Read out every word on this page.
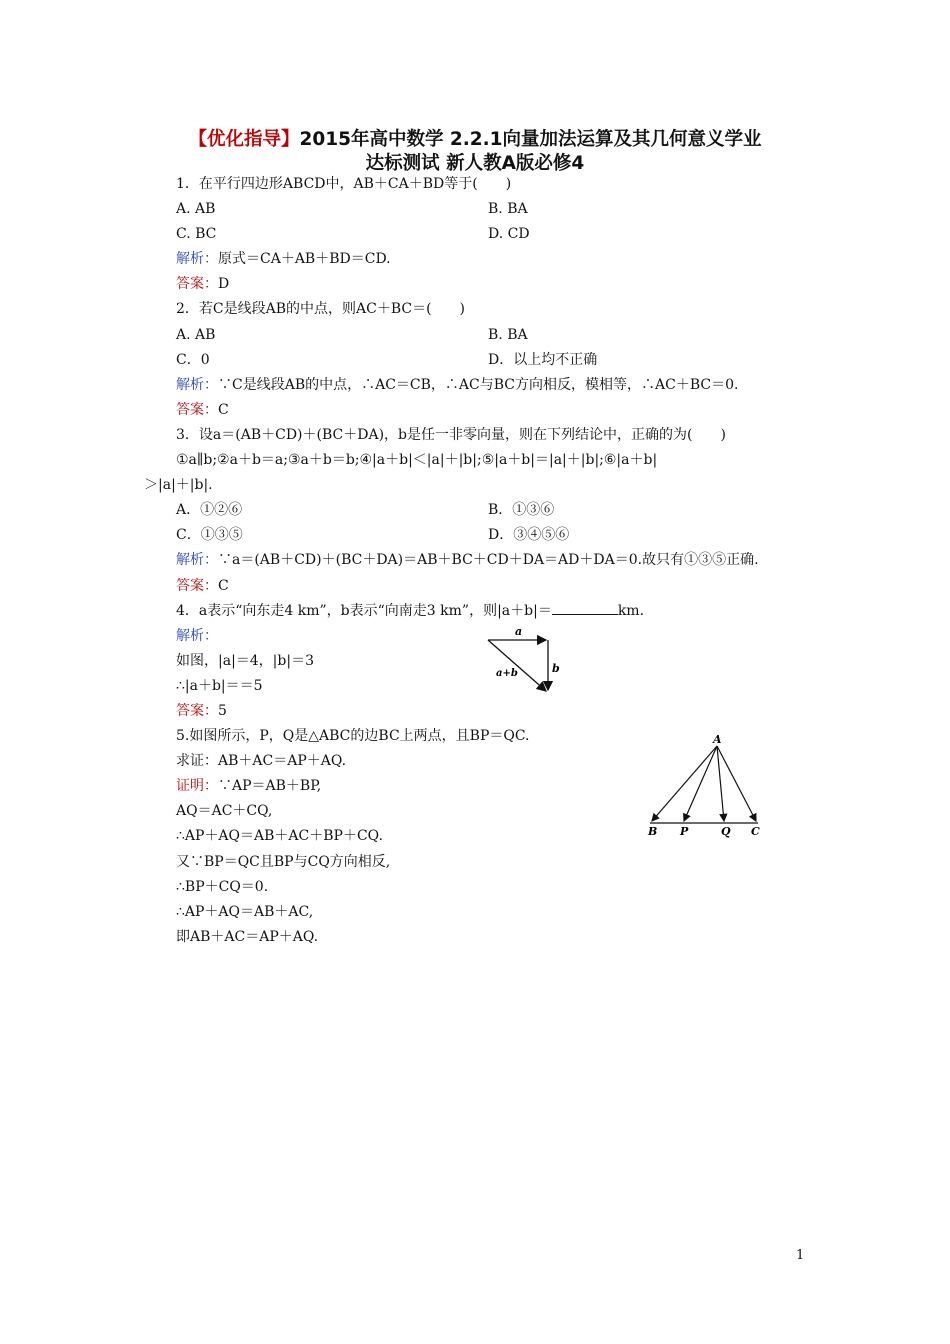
【优化指导】2015年高中数学 2.2.1向量加法运算及其几何意义学业
达标测试 新人教A版必修4
1．在平行四边形ABCD中，AB＋CA＋BD等于(　　)
A. AB	B. BA
C. BC	D. CD
解析：原式＝CA＋AB＋BD＝CD.
答案：D
2．若C是线段AB的中点，则AC＋BC＝(　　)
A. AB	B. BA
C．0	D．以上均不正确
解析：∵C是线段AB的中点，∴AC＝CB，∴AC与BC方向相反，模相等，∴AC＋BC＝0.
答案：C
3．设a＝(AB＋CD)＋(BC＋DA)，b是任一非零向量，则在下列结论中，正确的为(　　)
①a∥b;②a＋b＝a;③a＋b＝b;④|a＋b|＜|a|＋|b|;⑤|a＋b|＝|a|＋|b|;⑥|a＋b|
＞|a|＋|b|.
A．①②⑥	B．①③⑥
C．①③⑤	D．③④⑤⑥
解析：∵a＝(AB＋CD)＋(BC＋DA)＝AB＋BC＋CD＋DA＝AD＋DA＝0.故只有①③⑤正确.
答案：C
4．a表示“向东走4 km”，b表示“向南走3 km”，则|a＋b|＝	km.
解析：
如图，|a|＝4，|b|＝3
∴|a＋b|＝＝5
答案：5
5.如图所示，P，Q是△ABC的边BC上两点，且BP＝QC.
求证：AB＋AC＝AP＋AQ.
证明：∵AP＝AB＋BP,
AQ＝AC＋CQ,
∴AP＋AQ＝AB＋AC＋BP＋CQ.
又∵BP＝QC且BP与CQ方向相反,
∴BP＋CQ＝0.
∴AP＋AQ＝AB＋AC,
即AB＋AC＝AP＋AQ.
a
b
a+b
A
B P	Q C
1
